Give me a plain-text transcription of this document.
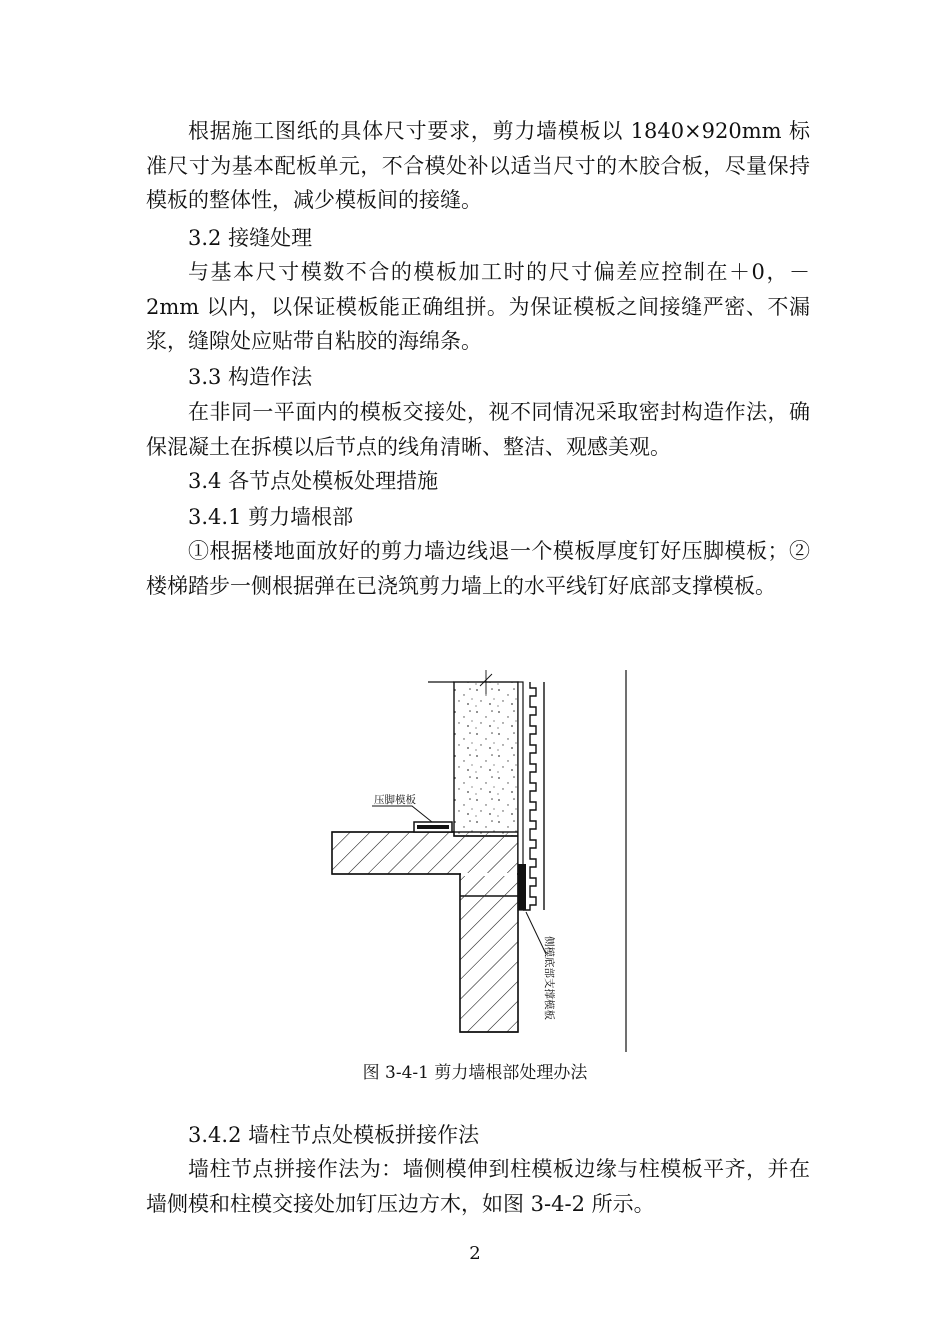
根据施工图纸的具体尺寸要求，剪力墙模板以 1840×920mm 标准尺寸为基本配板单元，不合模处补以适当尺寸的木胶合板，尽量保持模板的整体性，减少模板间的接缝。

3.2 接缝处理

与基本尺寸模数不合的模板加工时的尺寸偏差应控制在＋0，－2mm 以内，以保证模板能正确组拼。为保证模板之间接缝严密、不漏浆，缝隙处应贴带自粘胶的海绵条。

3.3 构造作法

在非同一平面内的模板交接处，视不同情况采取密封构造作法，确保混凝土在拆模以后节点的线角清晰、整洁、观感美观。

3.4 各节点处模板处理措施

3.4.1 剪力墙根部

①根据楼地面放好的剪力墙边线退一个模板厚度钉好压脚模板；②楼梯踏步一侧根据弹在已浇筑剪力墙上的水平线钉好底部支撑模板。

压脚模板
侧模底部支撑模板
图 3-4-1 剪力墙根部处理办法

3.4.2 墙柱节点处模板拼接作法

墙柱节点拼接作法为：墙侧模伸到柱模板边缘与柱模板平齐，并在墙侧模和柱模交接处加钉压边方木，如图 3-4-2 所示。

2
